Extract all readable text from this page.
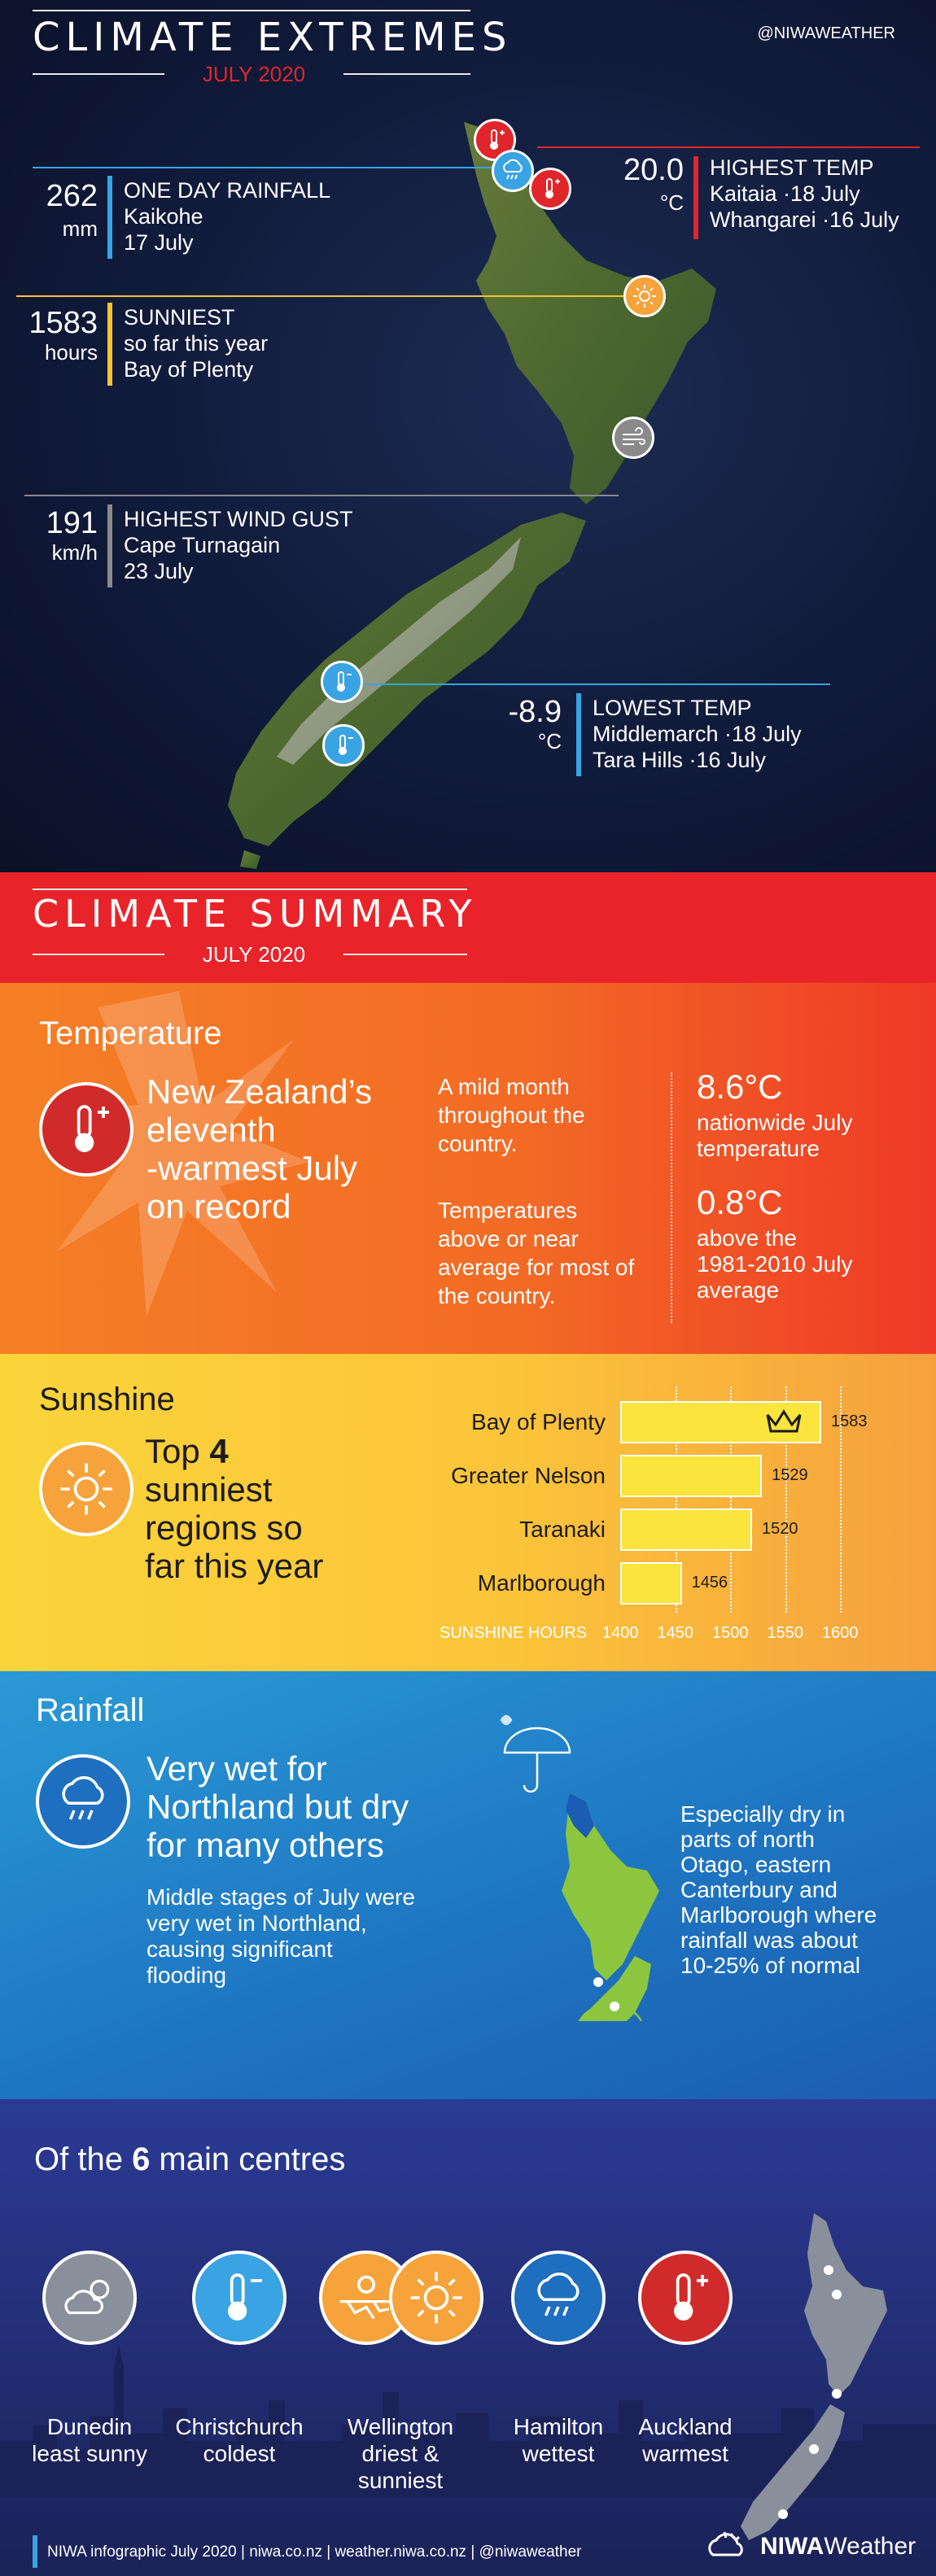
CLIMATE EXTREMES
JULY 2020
@NIWAWEATHER
262
mm
ONE DAY RAINFALL
Kaikohe
17 July
1583
hours
SUNNIEST
so far this year
Bay of Plenty
191
km/h
HIGHEST WIND GUST
Cape Turnagain
23 July
20.0
°C
HIGHEST TEMP
Kaitaia ·18 July
Whangarei ·16 July
-8.9
°C
LOWEST TEMP
Middlemarch ·18 July
Tara Hills ·16 July
CLIMATE SUMMARY
JULY 2020
Temperature
New Zealand’s
eleventh
-warmest July
on record
A mild month
throughout the
country.
Temperatures
above or near
average for most of
the country.
8.6°C
nationwide July
temperature
0.8°C
above the
1981-2010 July
average
Sunshine
Top 4
sunniest
regions so
far this year
1400 1450 1500 1550 1600
Bay of Plenty	1583
Greater Nelson	1529
Taranaki	1520
Marlborough	1456
SUNSHINE HOURS
Rainfall
Very wet for
Northland but dry
for many others
Middle stages of July were
very wet in Northland,
causing significant
flooding
Especially dry in
parts of north
Otago, eastern
Canterbury and
Marlborough where
rainfall was about
10-25% of normal
Of the 6 main centres
Dunedin
least sunny
Christchurch
coldest
Wellington
driest &
sunniest
Hamilton
wettest
Auckland
warmest
NIWA infographic July 2020 | niwa.co.nz | weather.niwa.co.nz | @niwaweather	NIWA Weather
